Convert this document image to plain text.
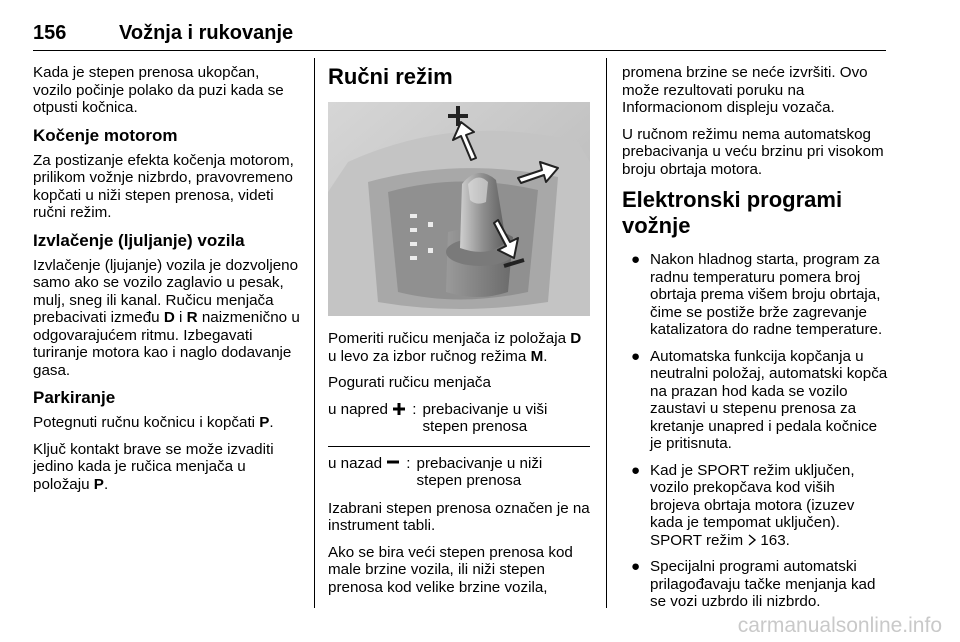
156	Vožnja i rukovanje

Kada je stepen prenosa ukopčan, vozilo počinje polako da puzi kada se otpusti kočnica.

Kočenje motorom

Za postizanje efekta kočenja motorom, prilikom vožnje nizbrdo, pravovremeno kopčati u niži stepen prenosa, videti ručni režim.

Izvlačenje (ljuljanje) vozila

Izvlačenje (ljujanje) vozila je dozvoljeno samo ako se vozilo zaglavio u pesak, mulj, sneg ili kanal. Ručicu menjača prebacivati između D i R naizmenično u odgovarajućem ritmu. Izbegavati turiranje motora kao i naglo dodavanje gasa.

Parkiranje

Potegnuti ručnu kočnicu i kopčati P.

Ključ kontakt brave se može izvaditi jedino kada je ručica menjača u položaju P.

Ručni režim

Pomeriti ručicu menjača iz položaja D u levo za izbor ručnog režima M.

Pogurati ručicu menjača

u napred	: prebacivanje u viši stepen prenosa
u nazad	: prebacivanje u niži stepen prenosa

Izabrani stepen prenosa označen je na instrument tabli.

Ako se bira veći stepen prenosa kod male brzine vozila, ili niži stepen prenosa kod velike brzine vozila,

promena brzine se neće izvršiti. Ovo može rezultovati poruku na Informacionom displeju vozača.

U ručnom režimu nema automatskog prebacivanja u veću brzinu pri visokom broju obrtaja motora.

Elektronski programi vožnje
● Nakon hladnog starta, program za radnu temperaturu pomera broj obrtaja prema višem broju obrtaja, čime se postiže brže zagrevanje katalizatora do radne temperature.
● Automatska funkcija kopčanja u neutralni položaj, automatski kopča na prazan hod kada se vozilo zaustavi u stepenu prenosa za kretanje unapred i pedala kočnice je pritisnuta.
● Kad je SPORT režim uključen, vozilo prekopčava kod viših brojeva obrtaja motora (izuzev kada je tempomat uključen). SPORT režim 163.
● Specijalni programi automatski prilagođavaju tačke menjanja kad se vozi uzbrdo ili nizbrdo.
carmanualsonline.info
